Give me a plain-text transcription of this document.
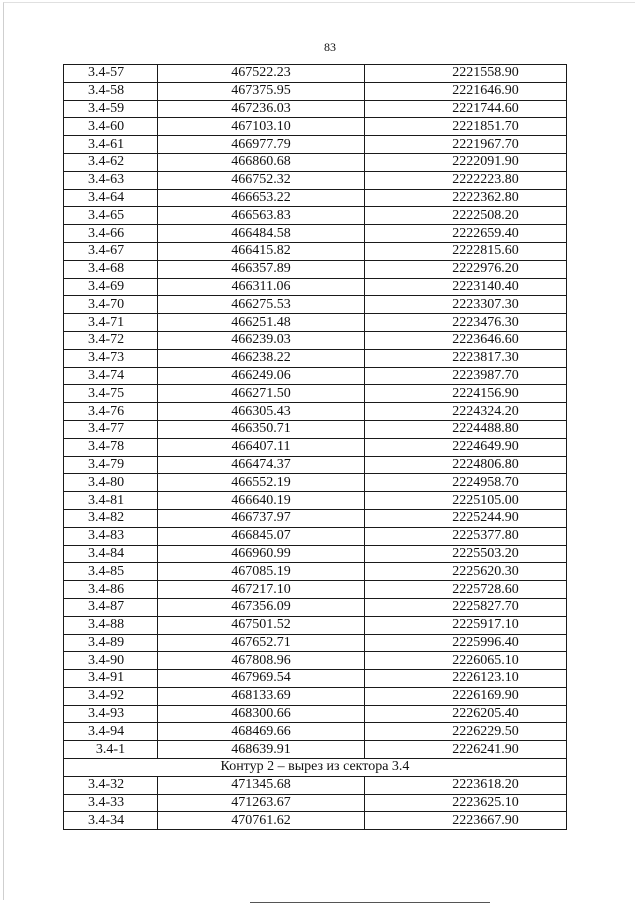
83
3.4-57	467522.23	2221558.90
3.4-58	467375.95	2221646.90
3.4-59	467236.03	2221744.60
3.4-60	467103.10	2221851.70
3.4-61	466977.79	2221967.70
3.4-62	466860.68	2222091.90
3.4-63	466752.32	2222223.80
3.4-64	466653.22	2222362.80
3.4-65	466563.83	2222508.20
3.4-66	466484.58	2222659.40
3.4-67	466415.82	2222815.60
3.4-68	466357.89	2222976.20
3.4-69	466311.06	2223140.40
3.4-70	466275.53	2223307.30
3.4-71	466251.48	2223476.30
3.4-72	466239.03	2223646.60
3.4-73	466238.22	2223817.30
3.4-74	466249.06	2223987.70
3.4-75	466271.50	2224156.90
3.4-76	466305.43	2224324.20
3.4-77	466350.71	2224488.80
3.4-78	466407.11	2224649.90
3.4-79	466474.37	2224806.80
3.4-80	466552.19	2224958.70
3.4-81	466640.19	2225105.00
3.4-82	466737.97	2225244.90
3.4-83	466845.07	2225377.80
3.4-84	466960.99	2225503.20
3.4-85	467085.19	2225620.30
3.4-86	467217.10	2225728.60
3.4-87	467356.09	2225827.70
3.4-88	467501.52	2225917.10
3.4-89	467652.71	2225996.40
3.4-90	467808.96	2226065.10
3.4-91	467969.54	2226123.10
3.4-92	468133.69	2226169.90
3.4-93	468300.66	2226205.40
3.4-94	468469.66	2226229.50
3.4-1	468639.91	2226241.90
Контур 2 – вырез из сектора 3.4		
3.4-32	471345.68	2223618.20
3.4-33	471263.67	2223625.10
3.4-34	470761.62	2223667.90
